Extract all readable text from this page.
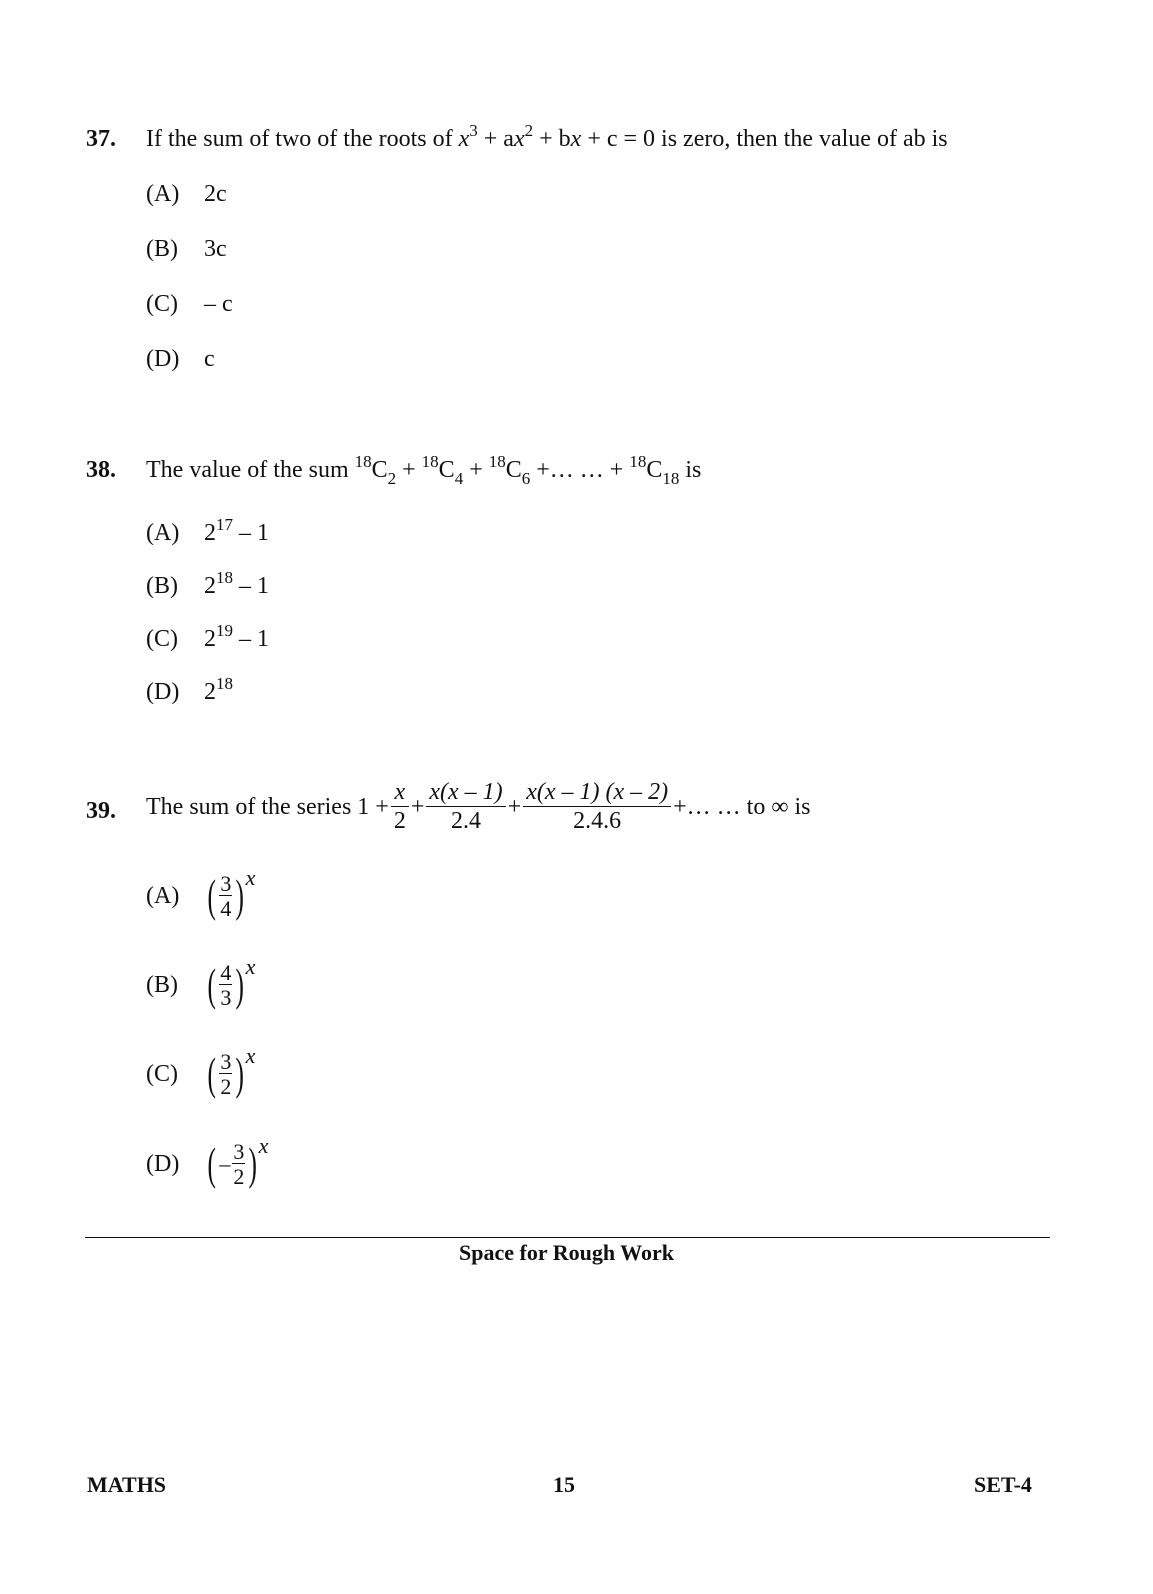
37. If the sum of two of the roots of $x^3 + ax^2$ + bx + c = 0 is zero, then the value of ab is
(A) 2c
(B) 3c
(C) – c
(D) c
38. The value of the sum $^{18}C_2 + ^{18}C_4 + ^{18}C_6$ +… … + $^{18}C_{18}$ is
(A) $2^{17} - 1$
(B) $2^{18} - 1$
(C) $2^{19} - 1$
(D) $2^{18}$
39. The sum of the series $1 + \frac{x}{2} + \frac{x(x - 1)}{2.4} + \frac{x(x - 1) (x - 2)}{2.4.6}$ +… … to ∞ is
(A) ( $\frac{3}{4}$ ) x
(B) ( $\frac{4}{3}$ ) x
(C) ( $\frac{3}{2}$ ) x
(D) ( – $\frac{3}{2}$ ) x
Space for Rough Work
MATHS	15	SET-4
